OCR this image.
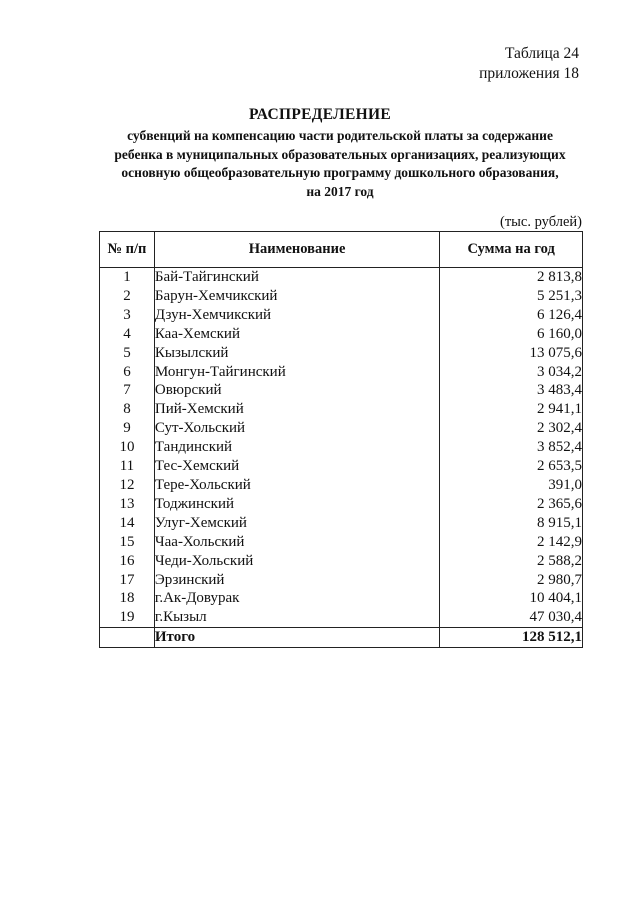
Таблица 24
приложения 18
РАСПРЕДЕЛЕНИЕ
субвенций на компенсацию части родительской платы за содержание
ребенка в муниципальных образовательных организациях, реализующих
основную общеобразовательную программу дошкольного образования,
на 2017 год
(тыс. рублей)
№ п/п	Наименование	Сумма на год
1	Бай-Тайгинский	2 813,8
2	Барун-Хемчикский	5 251,3
3	Дзун-Хемчикский	6 126,4
4	Каа-Хемский	6 160,0
5	Кызылский	13 075,6
6	Монгун-Тайгинский	3 034,2
7	Овюрский	3 483,4
8	Пий-Хемский	2 941,1
9	Сут-Хольский	2 302,4
10	Тандинский	3 852,4
11	Тес-Хемский	2 653,5
12	Тере-Хольский	391,0
13	Тоджинский	2 365,6
14	Улуг-Хемский	8 915,1
15	Чаа-Хольский	2 142,9
16	Чеди-Хольский	2 588,2
17	Эрзинский	2 980,7
18	г.Ак-Довурак	10 404,1
19	г.Кызыл	47 030,4
	Итого	128 512,1
